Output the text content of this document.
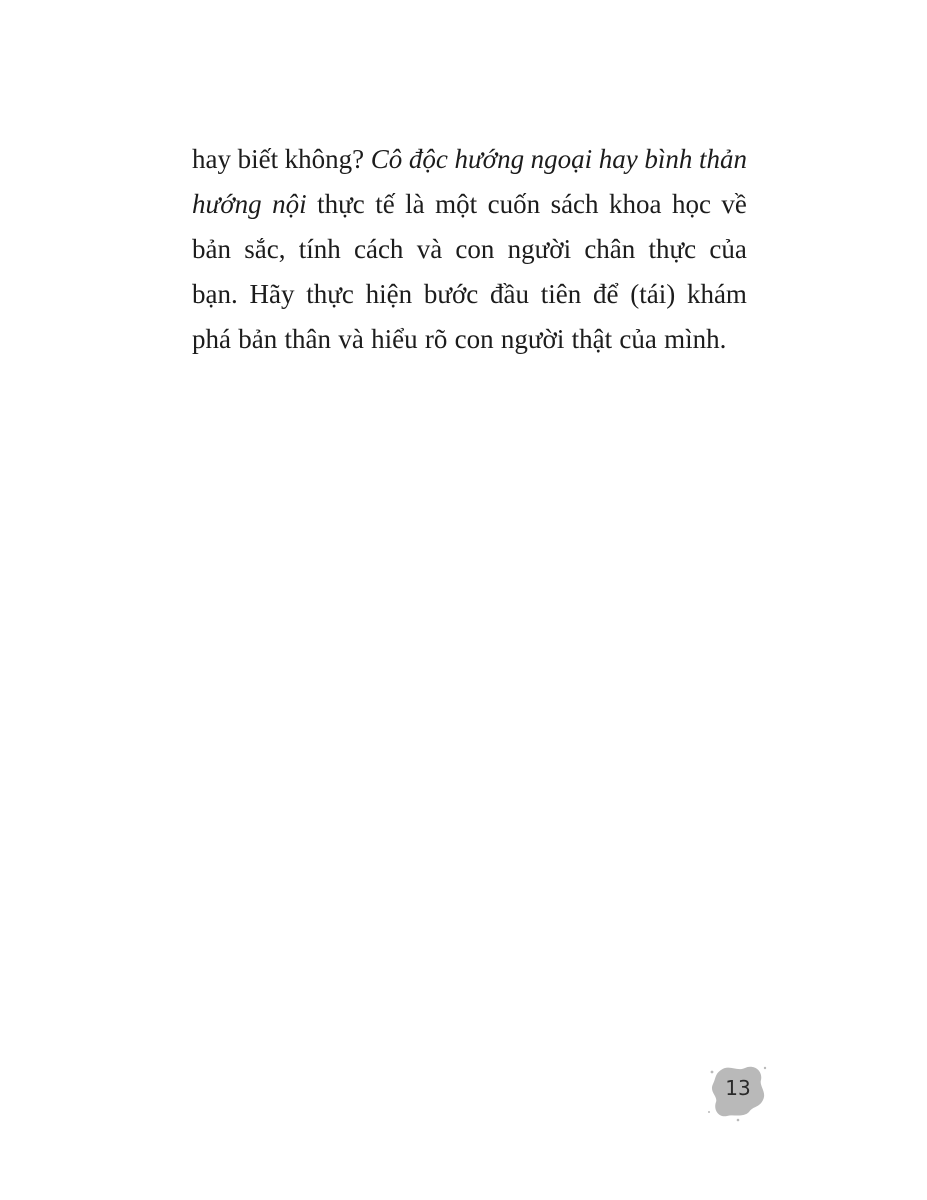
hay biết không? Cô độc hướng ngoại hay bình thản
hướng nội thực tế là một cuốn sách khoa học về
bản sắc, tính cách và con người chân thực của
bạn. Hãy thực hiện bước đầu tiên để (tái) khám
phá bản thân và hiểu rõ con người thật của mình.
13
